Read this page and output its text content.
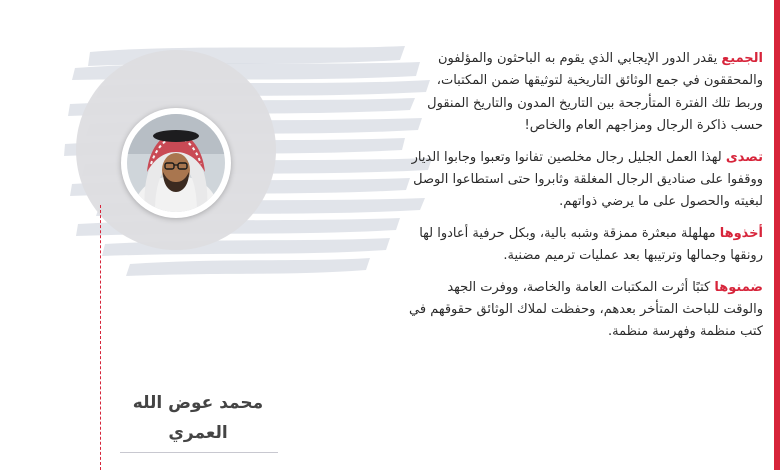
محمد عوض الله
العمري

الجميع يقدر الدور الإيجابي الذي يقوم به الباحثون والمؤلفون والمحققون في جمع الوثائق التاريخية لتوثيقها ضمن المكتبات، وربط تلك الفترة المتأرجحة بين التاريخ المدون والتاريخ المنقول حسب ذاكرة الرجال ومزاجهم العام والخاص!

تصدى لهذا العمل الجليل رجال مخلصين تفانوا وتعبوا وجابوا الديار ووقفوا على صناديق الرجال المغلقة وثابروا حتى استطاعوا الوصل لبغيته والحصول على ما يرضي ذواتهم.

أخذوها مهلهلة مبعثرة ممزقة وشبه بالية، وبكل حرفية أعادوا لها رونقها وجمالها وترتيبها بعد عمليات ترميم مضنية.

ضمنوها كتبًا أثرت المكتبات العامة والخاصة، ووفرت الجهد والوقت للباحث المتأخر بعدهم، وحفظت لملاك الوثائق حقوقهم في كتب منظمة وفهرسة منظمة.
